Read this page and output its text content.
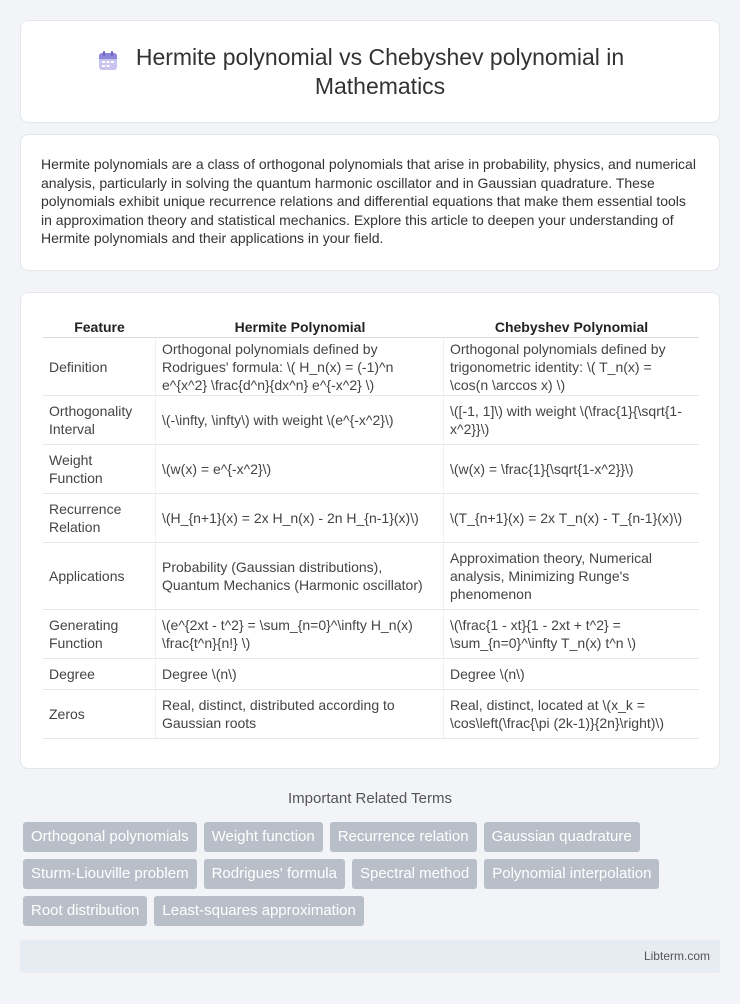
Hermite polynomial vs Chebyshev polynomial in Mathematics

Hermite polynomials are a class of orthogonal polynomials that arise in probability, physics, and numerical analysis, particularly in solving the quantum harmonic oscillator and in Gaussian quadrature. These polynomials exhibit unique recurrence relations and differential equations that make them essential tools in approximation theory and statistical mechanics. Explore this article to deepen your understanding of Hermite polynomials and their applications in your field.

Feature	Hermite Polynomial	Chebyshev Polynomial
Definition	Orthogonal polynomials defined by Rodrigues' formula: \( H_n(x) = (-1)^n e^{x^2} \frac{d^n}{dx^n} e^{-x^2} \)	Orthogonal polynomials defined by trigonometric identity: \( T_n(x) = \cos(n \arccos x) \)
Orthogonality Interval	\(-\infty, \infty\) with weight \(e^{-x^2}\)	\([-1, 1]\) with weight \(\frac{1}{\sqrt{1-x^2}}\)
Weight Function	\(w(x) = e^{-x^2}\)	\(w(x) = \frac{1}{\sqrt{1-x^2}}\)
Recurrence Relation	\(H_{n+1}(x) = 2x H_n(x) - 2n H_{n-1}(x)\)	\(T_{n+1}(x) = 2x T_n(x) - T_{n-1}(x)\)
Applications	Probability (Gaussian distributions), Quantum Mechanics (Harmonic oscillator)	Approximation theory, Numerical analysis, Minimizing Runge's phenomenon
Generating Function	\(e^{2xt - t^2} = \sum_{n=0}^\infty H_n(x) \frac{t^n}{n!} \)	\(\frac{1 - xt}{1 - 2xt + t^2} = \sum_{n=0}^\infty T_n(x) t^n \)
Degree	Degree \(n\)	Degree \(n\)
Zeros	Real, distinct, distributed according to Gaussian roots	Real, distinct, located at \(x_k = \cos\left(\frac{\pi (2k-1)}{2n}\right)\)
Important Related Terms
Orthogonal polynomials	Weight function	Recurrence relation	Gaussian quadrature
Sturm-Liouville problem	Rodrigues' formula	Spectral method	Polynomial interpolation
Root distribution	Least-squares approximation
Libterm.com
